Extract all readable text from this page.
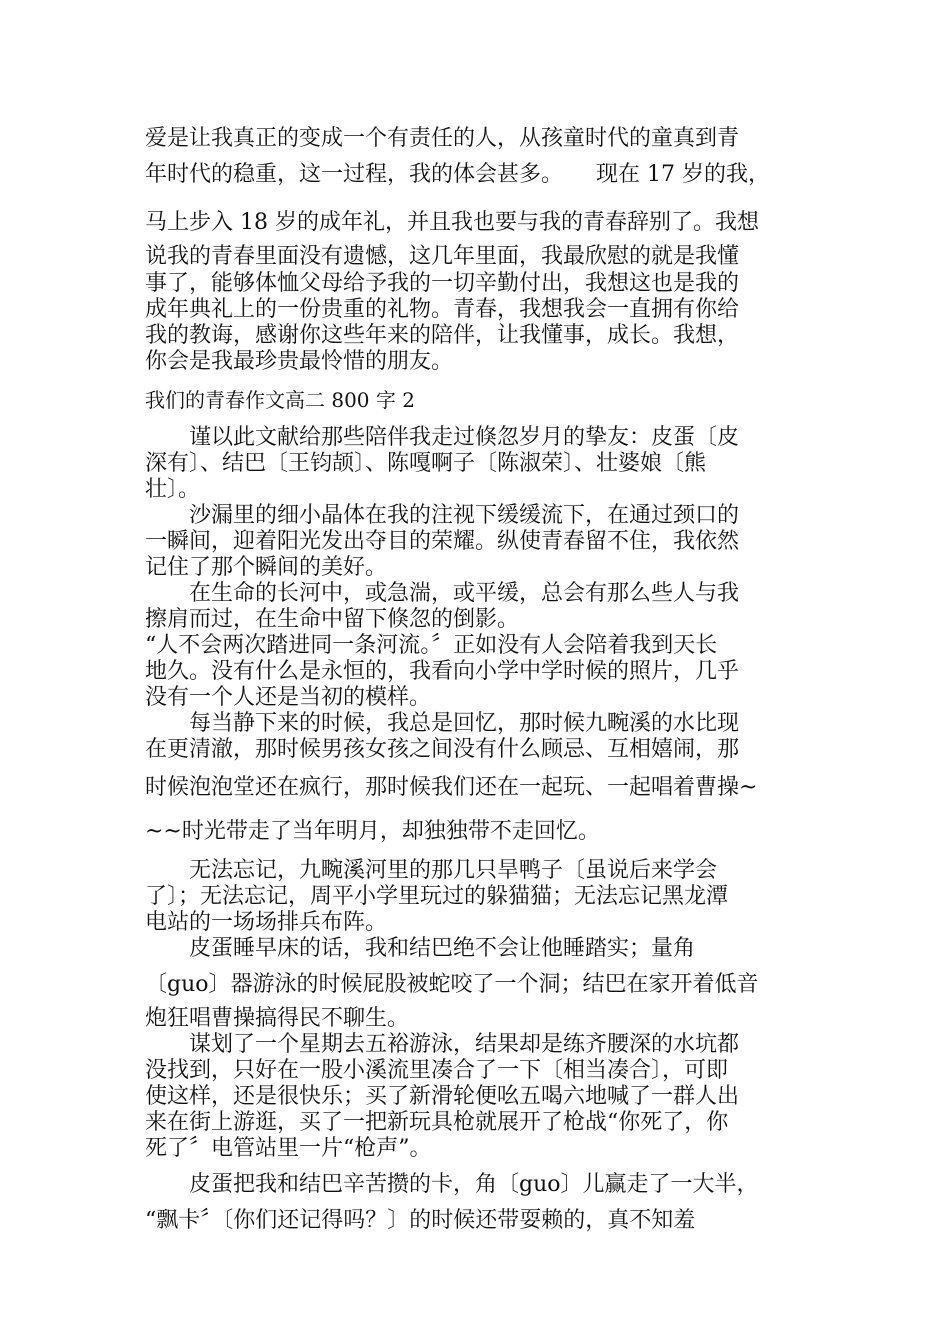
爱是让我真正的变成一个有责任的人，从孩童时代的童真到青

年时代的稳重，这一过程，我的体会甚多。　　现在 17 岁的我，

马上步入 18 岁的成年礼，并且我也要与我的青春辞别了。我想

说我的青春里面没有遗憾，这几年里面，我最欣慰的就是我懂

事了，能够体恤父母给予我的一切辛勤付出，我想这也是我的

成年典礼上的一份贵重的礼物。青春，我想我会一直拥有你给

我的教诲，感谢你这些年来的陪伴，让我懂事，成长。我想，

你会是我最珍贵最怜惜的朋友。

我们的青春作文高二 800 字 2

　　谨以此文献给那些陪伴我走过倏忽岁月的挚友：皮蛋〔皮

深有〕、结巴〔王钧颉〕、陈嘎啊子〔陈淑荣〕、壮婆娘〔熊

壮〕。

　　沙漏里的细小晶体在我的注视下缓缓流下，在通过颈口的

一瞬间，迎着阳光发出夺目的荣耀。纵使青春留不住，我依然

记住了那个瞬间的美好。

　　在生命的长河中，或急湍，或平缓，总会有那么些人与我

擦肩而过，在生命中留下倏忽的倒影。

“人不会两次踏进同一条河流。〞正如没有人会陪着我到天长

地久。没有什么是永恒的，我看向小学中学时候的照片，几乎

没有一个人还是当初的模样。

　　每当静下来的时候，我总是回忆，那时候九畹溪的水比现

在更清澈，那时候男孩女孩之间没有什么顾忌、互相嬉闹，那

时候泡泡堂还在疯行，那时候我们还在一起玩、一起唱着曹操~

~~时光带走了当年明月，却独独带不走回忆。

　　无法忘记，九畹溪河里的那几只旱鸭子〔虽说后来学会

了〕；无法忘记，周平小学里玩过的躲猫猫；无法忘记黑龙潭

电站的一场场排兵布阵。

　　皮蛋睡早床的话，我和结巴绝不会让他睡踏实；量角

〔guo〕器游泳的时候屁股被蛇咬了一个洞；结巴在家开着低音

炮狂唱曹操搞得民不聊生。

　　谋划了一个星期去五裕游泳，结果却是练齐腰深的水坑都

没找到，只好在一股小溪流里凑合了一下〔相当凑合〕，可即

使这样，还是很快乐；买了新滑轮便吆五喝六地喊了一群人出

来在街上游逛，买了一把新玩具枪就展开了枪战“你死了，你

死了〞电管站里一片“枪声”。

　　皮蛋把我和结巴辛苦攒的卡，角〔guo〕儿赢走了一大半，

“飘卡〞〔你们还记得吗？〕的时候还带耍赖的，真不知羞
